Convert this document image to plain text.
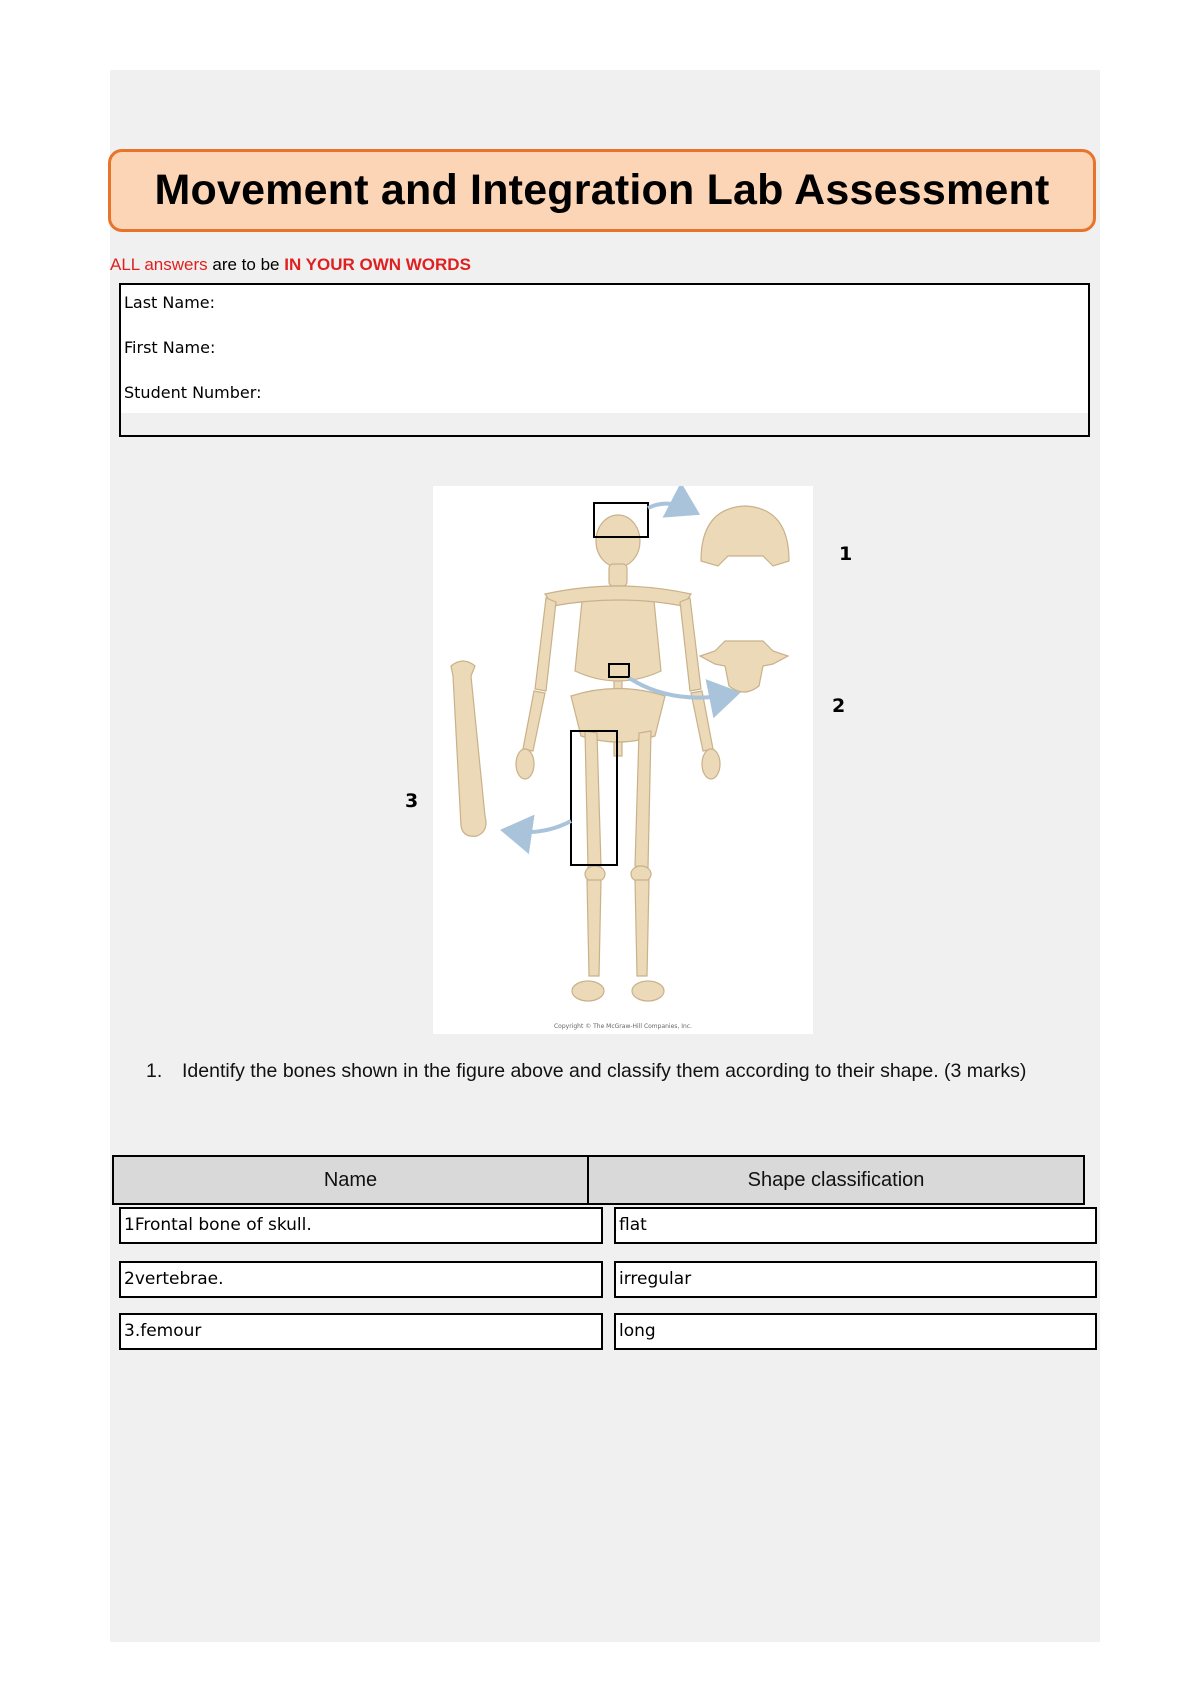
Movement and Integration Lab Assessment
ALL answers are to be IN YOUR OWN WORDS
Last Name:
First Name:
Student Number:
Copyright © The McGraw-Hill Companies, Inc.
1
2
3
1. Identify the bones shown in the figure above and classify them according to their shape. (3 marks)
Name	Shape classification
1Frontal bone of skull.	flat
2vertebrae.	irregular
3.femour	long
